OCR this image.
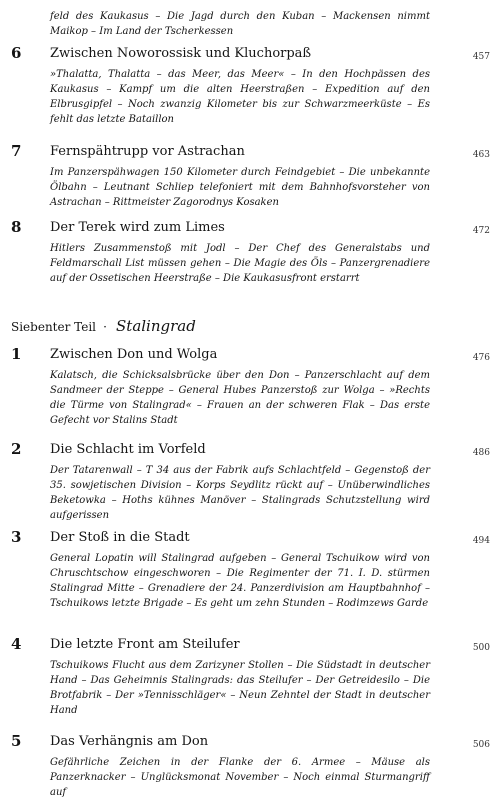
feld des Kaukasus – Die Jagd durch den Kuban – Mackensen nimmt Maikop – Im Land der Tscherkessen
6 Zwischen Noworossisk und Kluchorpaß	457
»Thalatta, Thalatta – das Meer, das Meer« – In den Hochpässen des Kaukasus – Kampf um die alten Heerstraßen – Expedition auf den Elbrusgipfel – Noch zwanzig Kilometer bis zur Schwarzmeerküste – Es fehlt das letzte Bataillon
7 Fernspähtrupp vor Astrachan	463
Im Panzerspähwagen 150 Kilometer durch Feindgebiet – Die unbekannte Ölbahn – Leutnant Schliep telefoniert mit dem Bahnhofsvorsteher von Astrachan – Rittmeister Zagorodnys Kosaken
8 Der Terek wird zum Limes	472
Hitlers Zusammenstoß mit Jodl – Der Chef des Generalstabs und Feldmarschall List müssen gehen – Die Magie des Öls – Panzergrenadiere auf der Ossetischen Heerstraße – Die Kaukasusfront erstarrt
Siebenter Teil · Stalingrad
1 Zwischen Don und Wolga	476
Kalatsch, die Schicksalsbrücke über den Don – Panzerschlacht auf dem Sandmeer der Steppe – General Hubes Panzerstoß zur Wolga – »Rechts die Türme von Stalingrad« – Frauen an der schweren Flak – Das erste Gefecht vor Stalins Stadt
2 Die Schlacht im Vorfeld	486
Der Tatarenwall – T 34 aus der Fabrik aufs Schlachtfeld – Gegenstoß der 35. sowjetischen Division – Korps Seydlitz rückt auf – Unüberwindliches Beketowka – Hoths kühnes Manöver – Stalingrads Schutzstellung wird aufgerissen
3 Der Stoß in die Stadt	494
General Lopatin will Stalingrad aufgeben – General Tschuikow wird von Chruschtschow eingeschworen – Die Regimenter der 71. I. D. stürmen Stalingrad Mitte – Grenadiere der 24. Panzerdivision am Hauptbahnhof – Tschuikows letzte Brigade – Es geht um zehn Stunden – Rodimzews Garde
4 Die letzte Front am Steilufer	500
Tschuikows Flucht aus dem Zarizyner Stollen – Die Südstadt in deutscher Hand – Das Geheimnis Stalingrads: das Steilufer – Der Getreidesilo – Die Brotfabrik – Der »Tennisschläger« – Neun Zehntel der Stadt in deutscher Hand
5 Das Verhängnis am Don	506
Gefährliche Zeichen in der Flanke der 6. Armee – Mäuse als Panzerknacker – Unglücksmonat November – Noch einmal Sturmangriff auf
